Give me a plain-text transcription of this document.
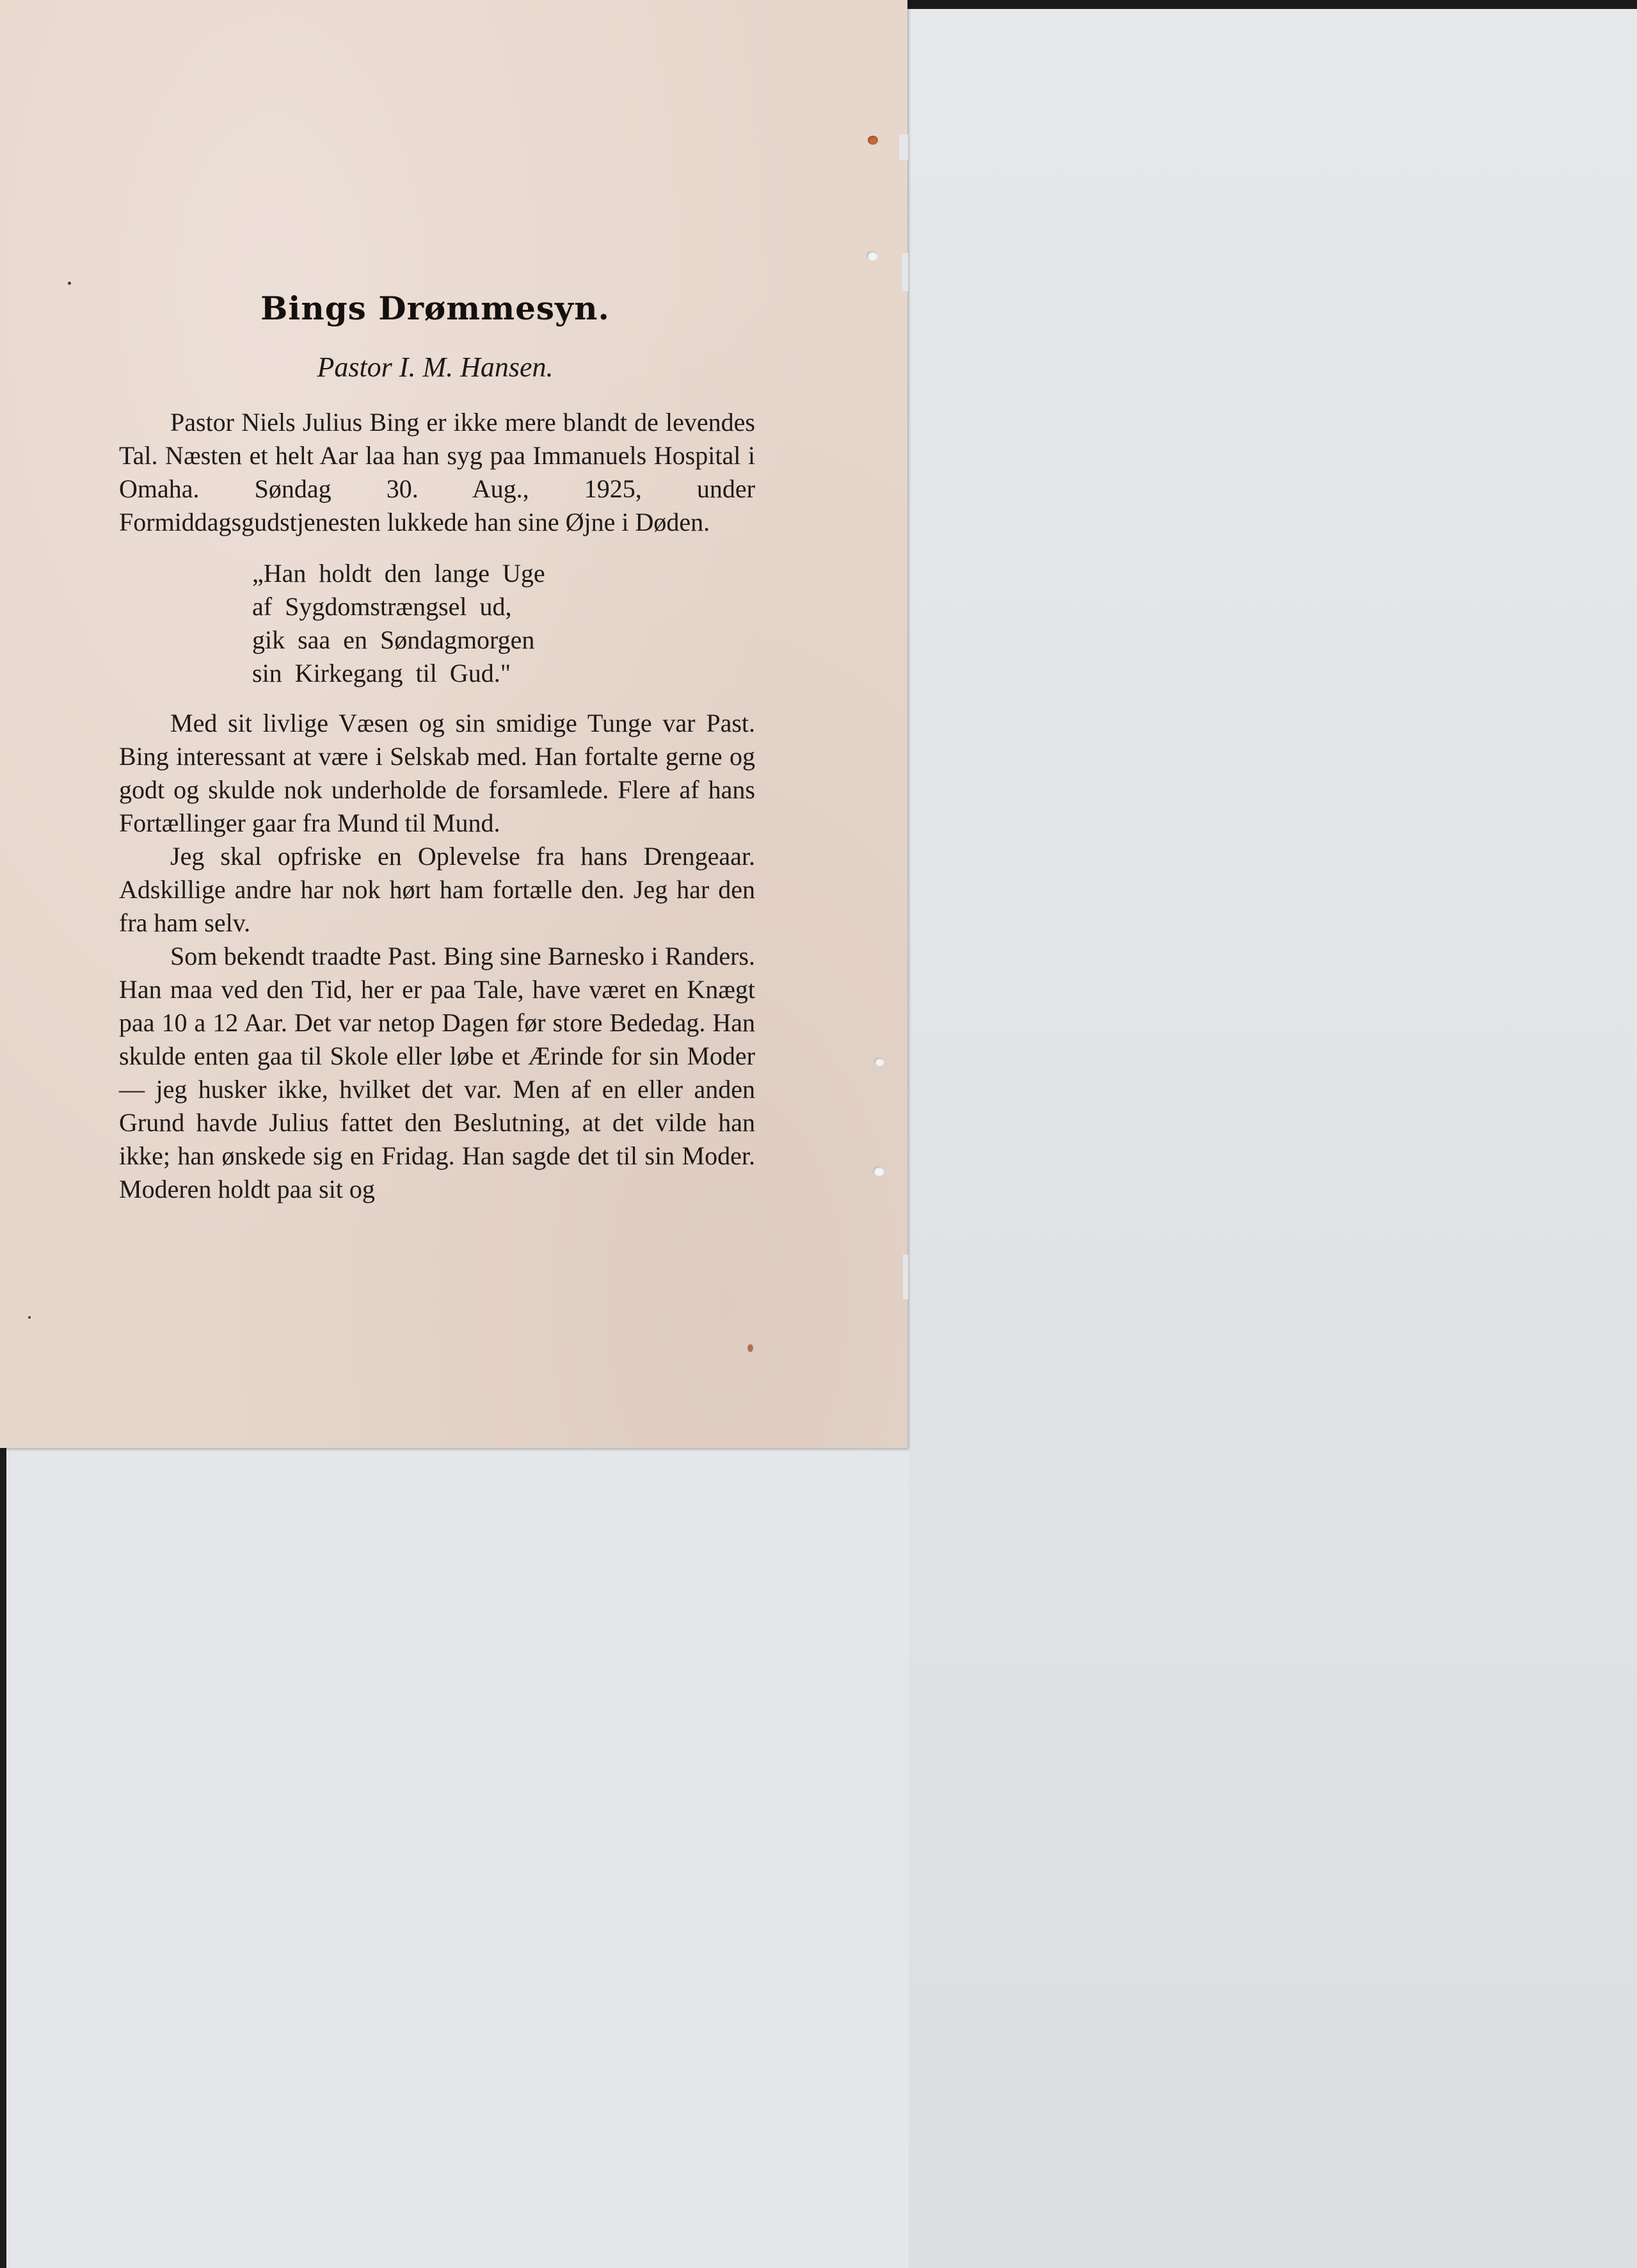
Bings Drømmesyn.
Pastor I. M. Hansen.

Pastor Niels Julius Bing er ikke mere blandt de levendes Tal. Næsten et helt Aar laa han syg paa Immanuels Hospital i Omaha. Søndag 30. Aug., 1925, under Formiddagsgudstjenesten lukkede han sine Øjne i Døden.

„Han holdt den lange Uge
af Sygdomstrængsel ud,
gik saa en Søndagmorgen
sin Kirkegang til Gud."

Med sit livlige Væsen og sin smidige Tunge var Past. Bing interessant at være i Selskab med. Han fortalte gerne og godt og skulde nok underholde de forsamlede. Flere af hans Fortællinger gaar fra Mund til Mund.

Jeg skal opfriske en Oplevelse fra hans Drengeaar. Adskillige andre har nok hørt ham fortælle den. Jeg har den fra ham selv.

Som bekendt traadte Past. Bing sine Barnesko i Randers. Han maa ved den Tid, her er paa Tale, have været en Knægt paa 10 a 12 Aar. Det var netop Dagen før store Bededag. Han skulde enten gaa til Skole eller løbe et Ærinde for sin Moder — jeg husker ikke, hvilket det var. Men af en eller anden Grund havde Julius fattet den Beslutning, at det vilde han ikke; han ønskede sig en Fridag. Han sagde det til sin Moder. Moderen holdt paa sit og
